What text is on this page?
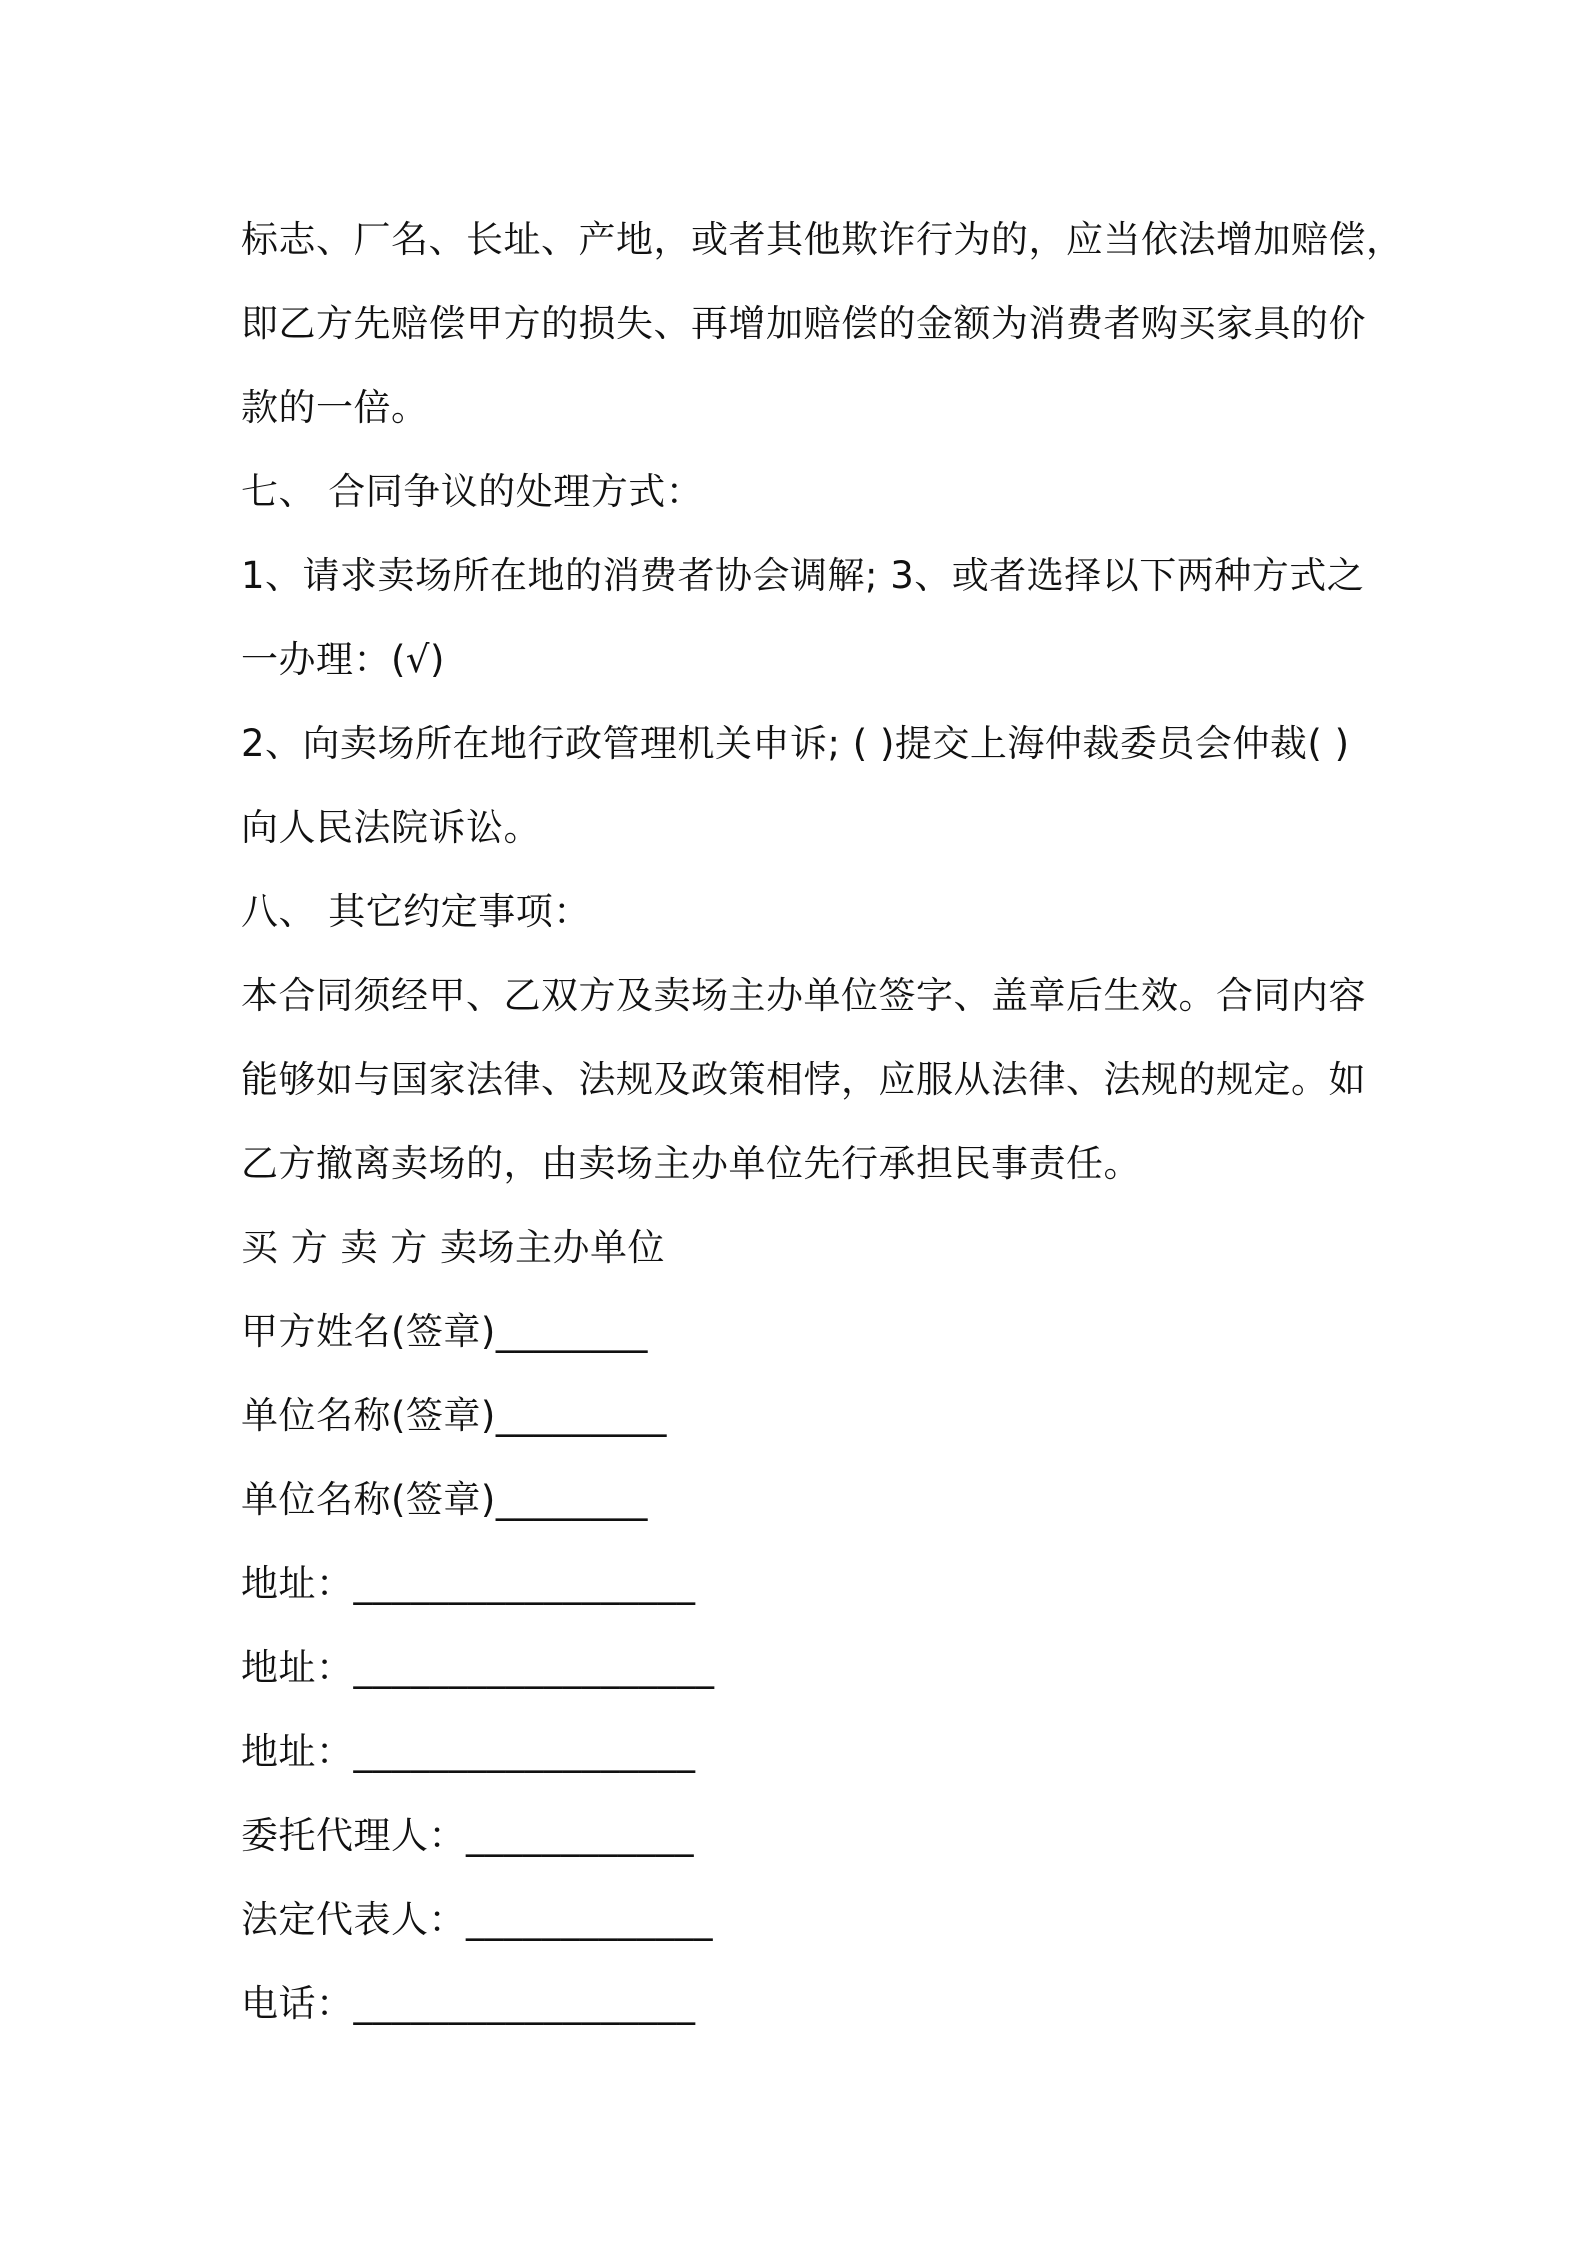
标志、厂名、长址、产地，或者其他欺诈行为的，应当依法增加赔偿，
即乙方先赔偿甲方的损失、再增加赔偿的金额为消费者购买家具的价
款的一倍。
七、 合同争议的处理方式：
1、请求卖场所在地的消费者协会调解; 3、或者选择以下两种方式之
一办理：(√)
2、向卖场所在地行政管理机关申诉; ( )提交上海仲裁委员会仲裁( )
向人民法院诉讼。
八、 其它约定事项：
本合同须经甲、乙双方及卖场主办单位签字、盖章后生效。合同内容
能够如与国家法律、法规及政策相悖，应服从法律、法规的规定。如
乙方撤离卖场的，由卖场主办单位先行承担民事责任。
买 方 卖 方 卖场主办单位
甲方姓名(签章)________
单位名称(签章)_________
单位名称(签章)________
地址：__________________
地址：___________________
地址：__________________
委托代理人：____________
法定代表人：_____________
电话：__________________
